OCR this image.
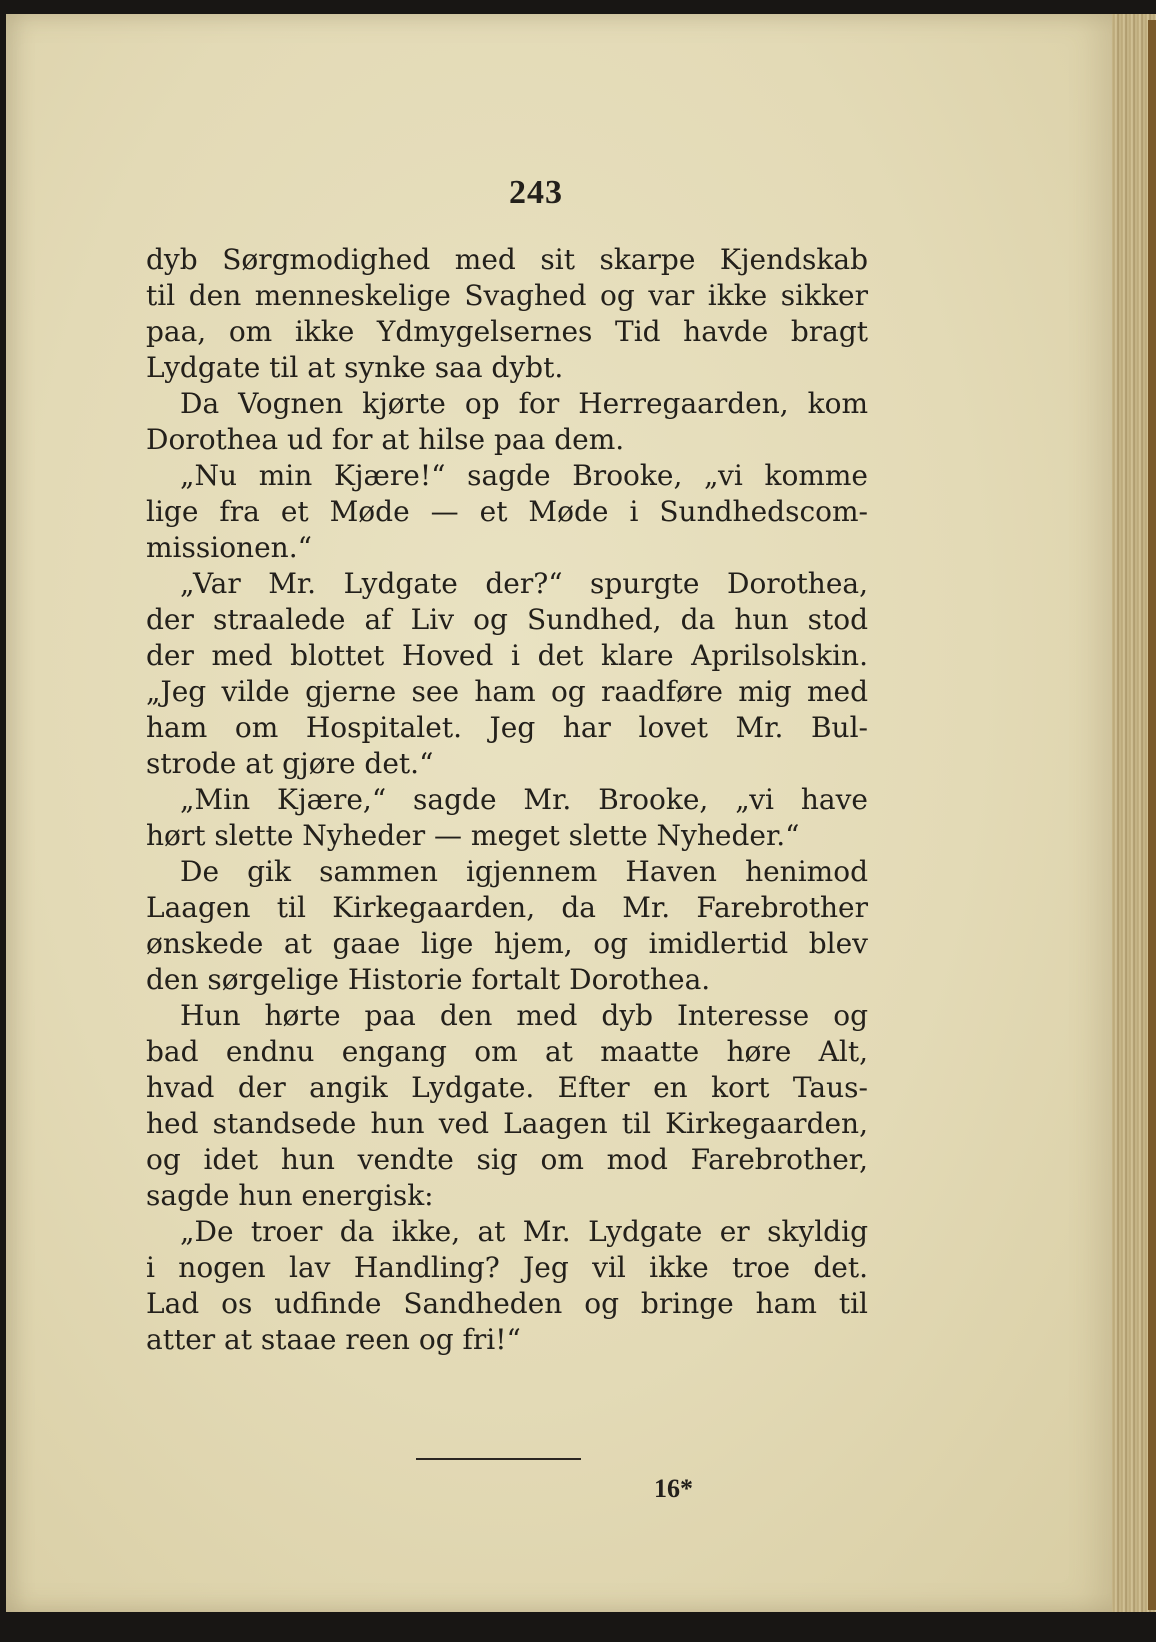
243
dyb Sørgmodighed med sit skarpe Kjendskab
til den menneskelige Svaghed og var ikke sikker
paa, om ikke Ydmygelsernes Tid havde bragt
Lydgate til at synke saa dybt.
Da Vognen kjørte op for Herregaarden, kom
Dorothea ud for at hilse paa dem.
„Nu min Kjære!“ sagde Brooke, „vi komme
lige fra et Møde — et Møde i Sundhedscom-
missionen.“
„Var Mr. Lydgate der?“ spurgte Dorothea,
der straalede af Liv og Sundhed, da hun stod
der med blottet Hoved i det klare Aprilsolskin.
„Jeg vilde gjerne see ham og raadføre mig med
ham om Hospitalet. Jeg har lovet Mr. Bul-
strode at gjøre det.“
„Min Kjære,“ sagde Mr. Brooke, „vi have
hørt slette Nyheder — meget slette Nyheder.“
De gik sammen igjennem Haven henimod
Laagen til Kirkegaarden, da Mr. Farebrother
ønskede at gaae lige hjem, og imidlertid blev
den sørgelige Historie fortalt Dorothea.
Hun hørte paa den med dyb Interesse og
bad endnu engang om at maatte høre Alt,
hvad der angik Lydgate. Efter en kort Taus-
hed standsede hun ved Laagen til Kirkegaarden,
og idet hun vendte sig om mod Farebrother,
sagde hun energisk:
„De troer da ikke, at Mr. Lydgate er skyldig
i nogen lav Handling? Jeg vil ikke troe det.
Lad os udfinde Sandheden og bringe ham til
atter at staae reen og fri!“
16*
